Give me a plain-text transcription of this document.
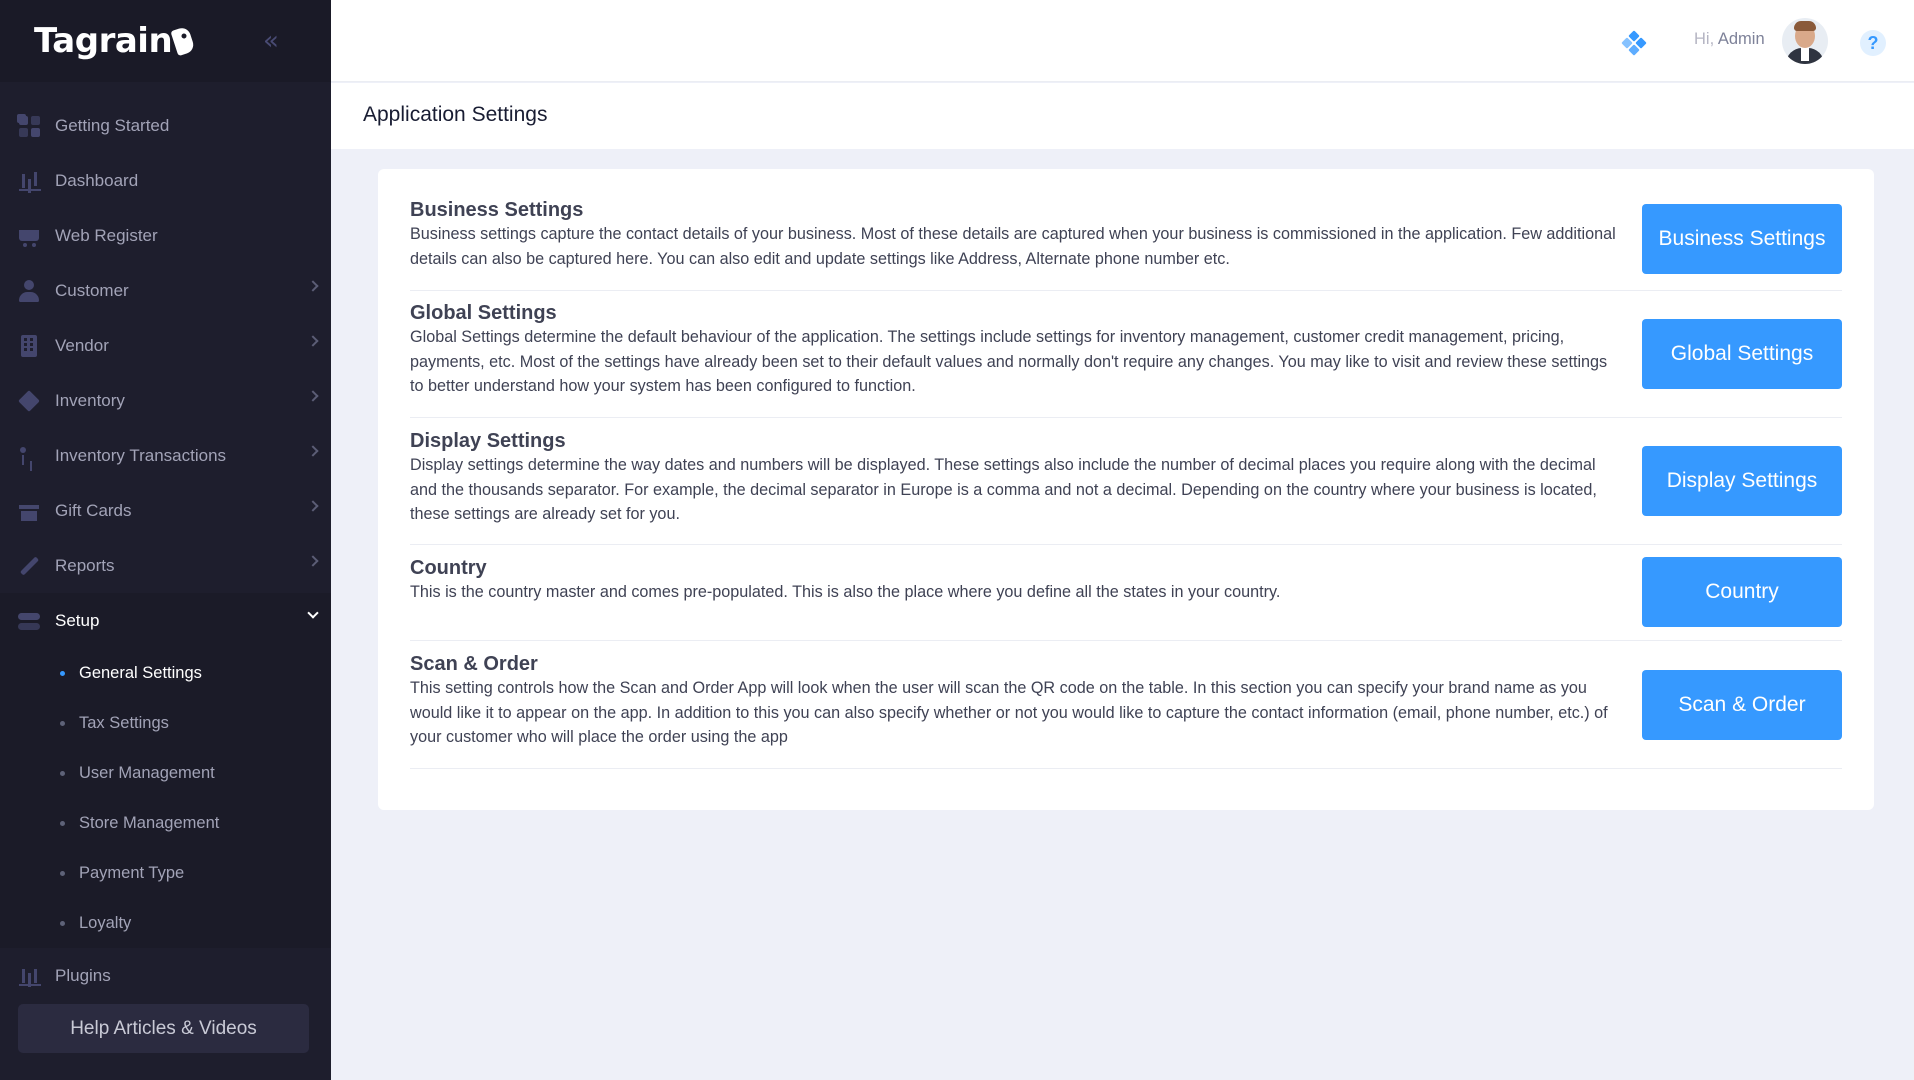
Tagrain	«
Getting Started
Dashboard
Web Register
Customer
Vendor
Inventory
Inventory Transactions
Gift Cards
Reports
Setup
General Settings
Tax Settings
User Management
Store Management
Payment Type
Loyalty
Plugins
Help Articles & Videos
Hi, Admin	?
Application Settings
Business Settings

Business settings capture the contact details of your business. Most of these details are captured when your business is commissioned in the application. Few additional details can also be captured here. You can also edit and update settings like Address, Alternate phone number etc.

Business Settings
Global Settings

Global Settings determine the default behaviour of the application. The settings include settings for inventory management, customer credit management, pricing, payments, etc. Most of the settings have already been set to their default values and normally don't require any changes. You may like to visit and review these settings to better understand how your system has been configured to function.

Global Settings
Display Settings

Display settings determine the way dates and numbers will be displayed. These settings also include the number of decimal places you require along with the decimal and the thousands separator. For example, the decimal separator in Europe is a comma and not a decimal. Depending on the country where your business is located, these settings are already set for you.

Display Settings
Country

This is the country master and comes pre-populated. This is also the place where you define all the states in your country.	Country
Scan & Order

This setting controls how the Scan and Order App will look when the user will scan the QR code on the table. In this section you can specify your brand name as you would like it to appear on the app. In addition to this you can also specify whether or not you would like to capture the contact information (email, phone number, etc.) of your customer who will place the order using the app

Scan & Order
